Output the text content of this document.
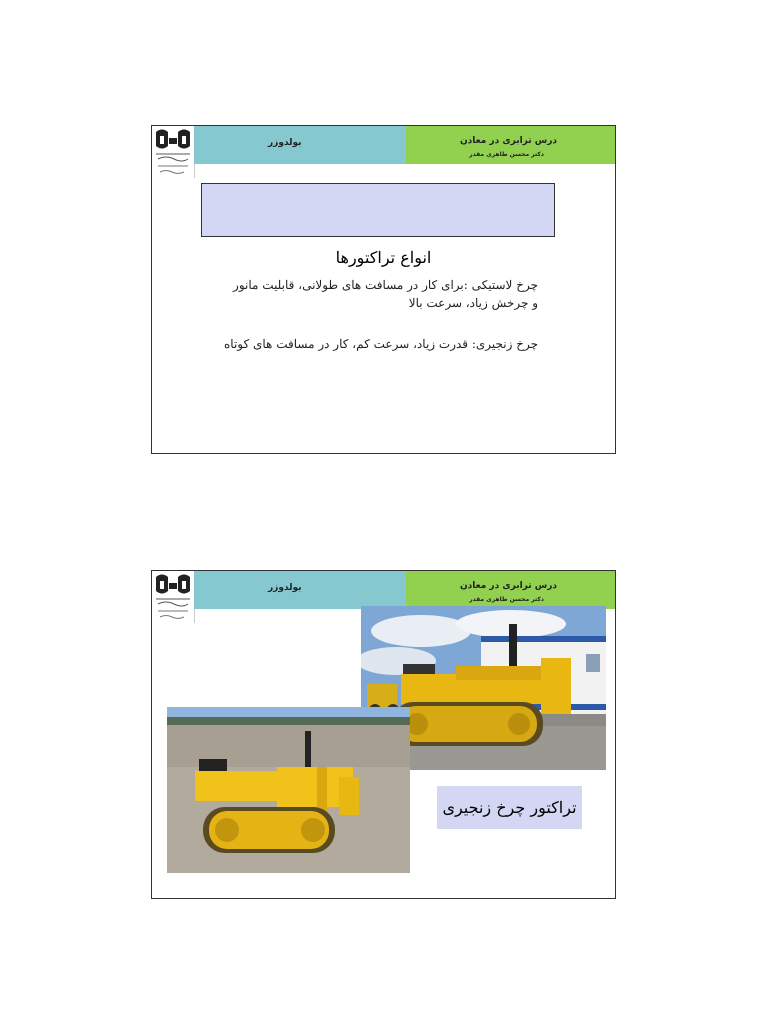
بولدوزر	درس ترابری در معادن
دکتر محسن طاهری مقدر
انواع تراکتورها
چرخ لاستیکی :برای کار در مسافت های طولانی، قابلیت مانور و چرخش زیاد، سرعت بالا
چرخ زنجیری: قدرت زیاد، سرعت کم، کار در مسافت های کوتاه
بولدوزر	درس ترابری در معادن
دکتر محسن طاهری مقدر
تراکتور چرخ زنجیری
